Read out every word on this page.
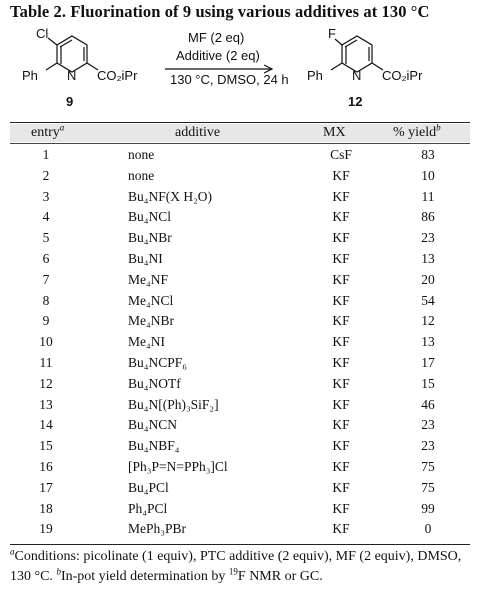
Table 2. Fluorination of 9 using various additives at 130 °C
Cl
Ph N CO₂iPr
9
MF (2 eq)
Additive (2 eq)
130 °C, DMSO, 24 h
F
Ph N CO₂iPr
12
entry$^a$	additive	MX	% yield$^b$
1	none	CsF	83
2	none	KF	10
3	Bu₄NF(X H₂O)	KF	11
4	Bu₄NCl	KF	86
5	Bu₄NBr	KF	23
6	Bu₄NI	KF	13
7	Me₄NF	KF	20
8	Me₄NCl	KF	54
9	Me₄NBr	KF	12
10	Me₄NI	KF	13
11	Bu₄NCPF₆	KF	17
12	Bu₄NOTf	KF	15
13	Bu₄N[(Ph)₃SiF₂]	KF	46
14	Bu₄NCN	KF	23
15	Bu₄NBF₄	KF	23
16	[Ph₃P=N=PPh₃]Cl	KF	75
17	Bu₄PCl	KF	75
18	Ph₄PCl	KF	99
19	MePh₃PBr	KF	0
$^a$Conditions: picolinate (1 equiv), PTC additive (2 equiv), MF (2 equiv), DMSO, 130 °C. $^b$In-pot yield determination by $^{19}$F NMR or GC.
